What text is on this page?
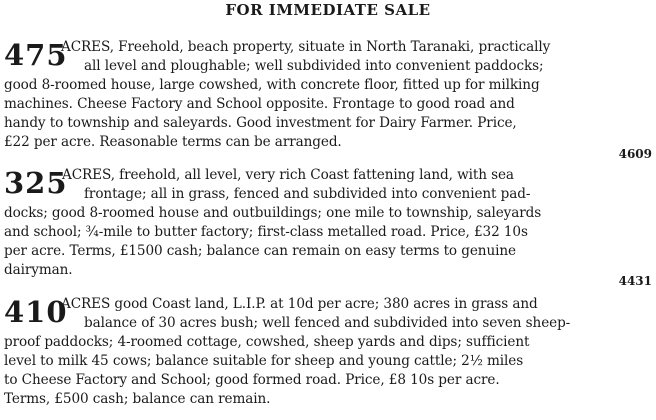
FOR IMMEDIATE SALE
475
ACRES, Freehold, beach property, situate in North Taranaki, practically
all level and ploughable; well subdivided into convenient paddocks;
good 8-roomed house, large cowshed, with concrete floor, fitted up for milking
machines. Cheese Factory and School opposite. Frontage to good road and
handy to township and saleyards. Good investment for Dairy Farmer. Price,
£22 per acre. Reasonable terms can be arranged.
4609
325
ACRES, freehold, all level, very rich Coast fattening land, with sea
frontage; all in grass, fenced and subdivided into convenient pad-
docks; good 8-roomed house and outbuildings; one mile to township, saleyards
and school; ¾-mile to butter factory; first-class metalled road. Price, £32 10s
per acre. Terms, £1500 cash; balance can remain on easy terms to genuine
dairyman.
4431
410
ACRES good Coast land, L.I.P. at 10d per acre; 380 acres in grass and
balance of 30 acres bush; well fenced and subdivided into seven sheep-
proof paddocks; 4-roomed cottage, cowshed, sheep yards and dips; sufficient
level to milk 45 cows; balance suitable for sheep and young cattle; 2½ miles
to Cheese Factory and School; good formed road. Price, £8 10s per acre.
Terms, £500 cash; balance can remain.
